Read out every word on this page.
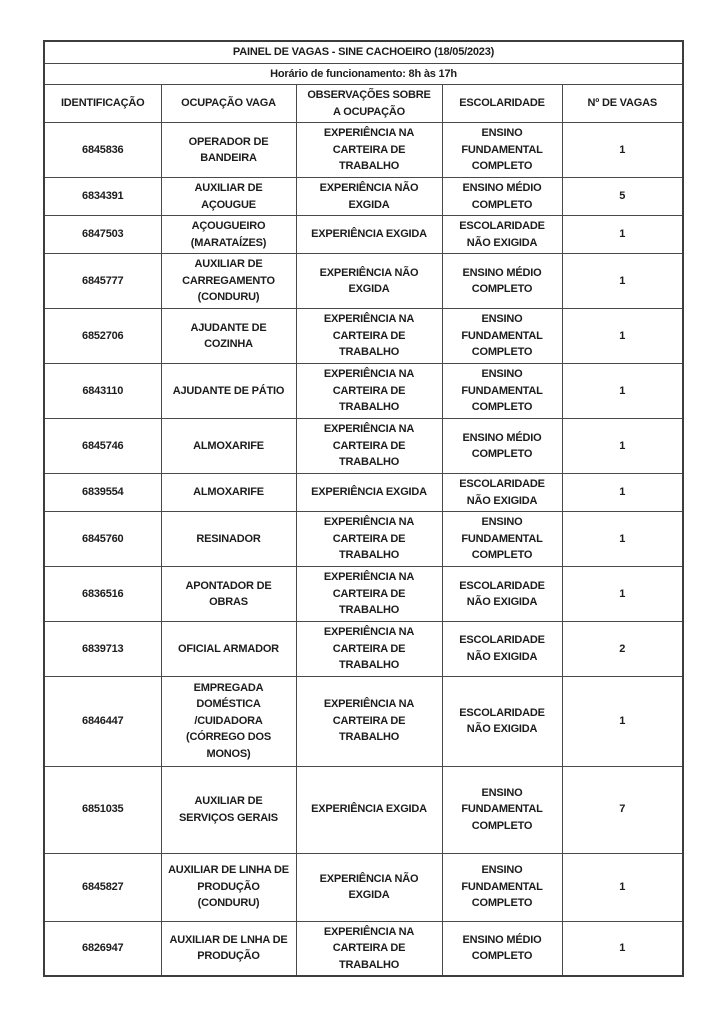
PAINEL DE VAGAS - SINE CACHOEIRO (18/05/2023)				
Horário de funcionamento: 8h às 17h				
IDENTIFICAÇÃO	OCUPAÇÃO VAGA	OBSERVAÇÕES SOBRE A OCUPAÇÃO	ESCOLARIDADE	Nº DE VAGAS
6845836	OPERADOR DE BANDEIRA	EXPERIÊNCIA NA CARTEIRA DE TRABALHO	ENSINO FUNDAMENTAL COMPLETO	1
6834391	AUXILIAR DE AÇOUGUE	EXPERIÊNCIA NÃO EXGIDA	ENSINO MÉDIO COMPLETO	5
6847503	AÇOUGUEIRO (MARATAÍZES)	EXPERIÊNCIA EXGIDA	ESCOLARIDADE NÃO EXIGIDA	1
6845777	AUXILIAR DE CARREGAMENTO (CONDURU)	EXPERIÊNCIA NÃO EXGIDA	ENSINO MÉDIO COMPLETO	1
6852706	AJUDANTE DE COZINHA	EXPERIÊNCIA NA CARTEIRA DE TRABALHO	ENSINO FUNDAMENTAL COMPLETO	1
6843110	AJUDANTE DE PÁTIO	EXPERIÊNCIA NA CARTEIRA DE TRABALHO	ENSINO FUNDAMENTAL COMPLETO	1
6845746	ALMOXARIFE	EXPERIÊNCIA NA CARTEIRA DE TRABALHO	ENSINO MÉDIO COMPLETO	1
6839554	ALMOXARIFE	EXPERIÊNCIA EXGIDA	ESCOLARIDADE NÃO EXIGIDA	1
6845760	RESINADOR	EXPERIÊNCIA NA CARTEIRA DE TRABALHO	ENSINO FUNDAMENTAL COMPLETO	1
6836516	APONTADOR DE OBRAS	EXPERIÊNCIA NA CARTEIRA DE TRABALHO	ESCOLARIDADE NÃO EXIGIDA	1
6839713	OFICIAL ARMADOR	EXPERIÊNCIA NA CARTEIRA DE TRABALHO	ESCOLARIDADE NÃO EXIGIDA	2
6846447	EMPREGADA DOMÉSTICA /CUIDADORA (CÓRREGO DOS MONOS)	EXPERIÊNCIA NA CARTEIRA DE TRABALHO	ESCOLARIDADE NÃO EXIGIDA	1
6851035	AUXILIAR DE SERVIÇOS GERAIS	EXPERIÊNCIA EXGIDA	ENSINO FUNDAMENTAL COMPLETO	7
6845827	AUXILIAR DE LINHA DE PRODUÇÃO (CONDURU)	EXPERIÊNCIA NÃO EXGIDA	ENSINO FUNDAMENTAL COMPLETO	1
6826947	AUXILIAR DE LNHA DE PRODUÇÃO	EXPERIÊNCIA NA CARTEIRA DE TRABALHO	ENSINO MÉDIO COMPLETO	1
